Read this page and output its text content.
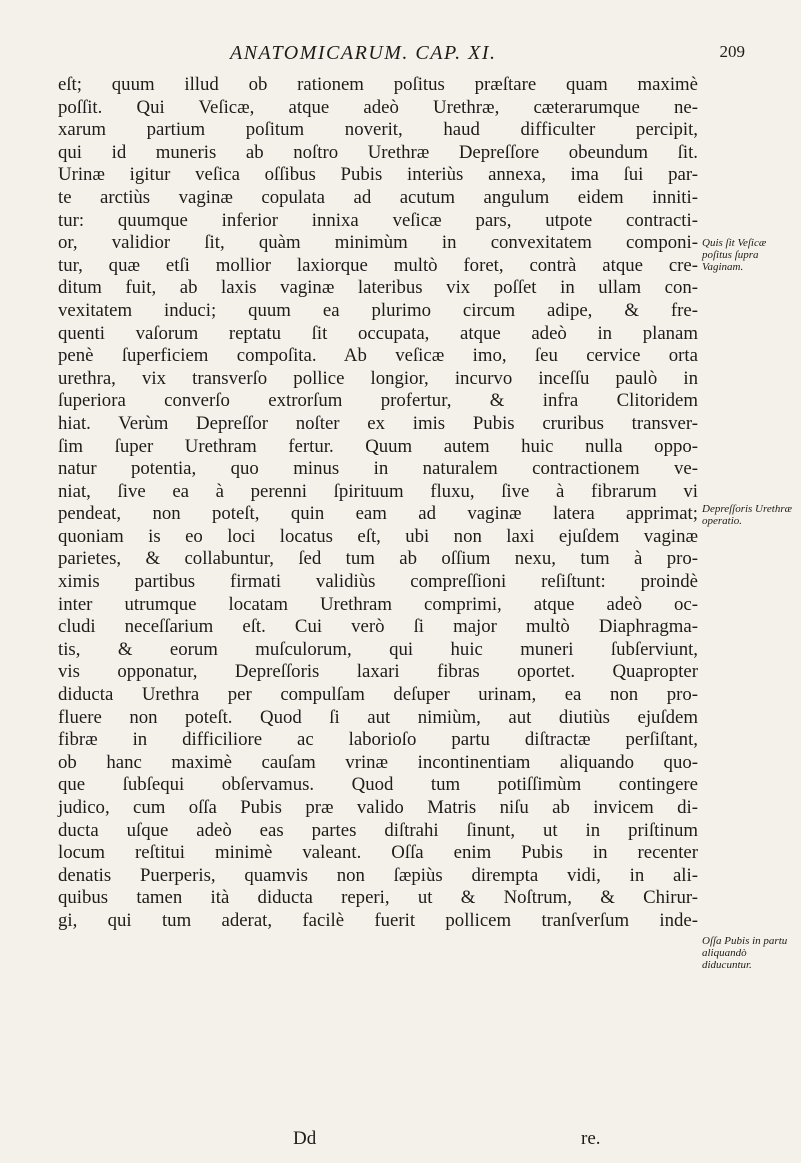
ANATOMICARUM. CAP. XI.	209
eſt; quum illud ob rationem poſitus præſtare quam maximè
poſſit. Qui Veſicæ, atque adeò Urethræ, cæterarumque ne-
xarum partium poſitum noverit, haud difficulter percipit,
qui id muneris ab noſtro Urethræ Depreſſore obeundum ſit.
Urinæ igitur veſica oſſibus Pubis interiùs annexa, ima ſui par-
te arctiùs vaginæ copulata ad acutum angulum eidem inniti-
tur: quumque inferior innixa veſicæ pars, utpote contracti-
or, validior ſit, quàm minimùm in convexitatem componi-
tur, quæ etſi mollior laxiorque multò foret, contrà atque cre-
ditum fuit, ab laxis vaginæ lateribus vix poſſet in ullam con-
vexitatem induci; quum ea plurimo circum adipe, & fre-
quenti vaſorum reptatu ſit occupata, atque adeò in planam
penè ſuperficiem compoſita. Ab veſicæ imo, ſeu cervice orta
urethra, vix transverſo pollice longior, incurvo inceſſu paulò in
ſuperiora converſo extrorſum profertur, & infra Clitoridem
hiat. Verùm Depreſſor noſter ex imis Pubis cruribus transver-
ſim ſuper Urethram fertur. Quum autem huic nulla oppo-
natur potentia, quo minus in naturalem contractionem ve-
niat, ſive ea à perenni ſpirituum fluxu, ſive à fibrarum vi
pendeat, non poteſt, quin eam ad vaginæ latera apprimat;
quoniam is eo loci locatus eſt, ubi non laxi ejuſdem vaginæ
parietes, & collabuntur, ſed tum ab oſſium nexu, tum à pro-
ximis partibus firmati validiùs compreſſioni reſiſtunt: proindè
inter utrumque locatam Urethram comprimi, atque adeò oc-
cludi neceſſarium eſt. Cui verò ſi major multò Diaphragma-
tis, & eorum muſculorum, qui huic muneri ſubſerviunt,
vis opponatur, Depreſſoris laxari fibras oportet. Quapropter
diducta Urethra per compulſam deſuper urinam, ea non pro-
fluere non poteſt. Quod ſi aut nimiùm, aut diutiùs ejuſdem
fibræ in difficiliore ac laborioſo partu diſtractæ perſiſtant,
ob hanc maximè cauſam vrinæ incontinentiam aliquando quo-
que ſubſequi obſervamus. Quod tum potiſſimùm contingere
judico, cum oſſa Pubis præ valido Matris niſu ab invicem di-
ducta uſque adeò eas partes diſtrahi ſinunt, ut in priſtinum
locum reſtitui minimè valeant. Oſſa enim Pubis in recenter
denatis Puerperis, quamvis non ſæpiùs dirempta vidi, in ali-
quibus tamen ità diducta reperi, ut & Noſtrum, & Chirur-
gi, qui tum aderat, facilè fuerit pollicem tranſverſum inde-
Quis ſit Veſicæ poſitus ſupra Vaginam.
Depreſſoris Urethræ operatio.
Oſſa Pubis in partu aliquandò diducuntur.
Dd	re.
